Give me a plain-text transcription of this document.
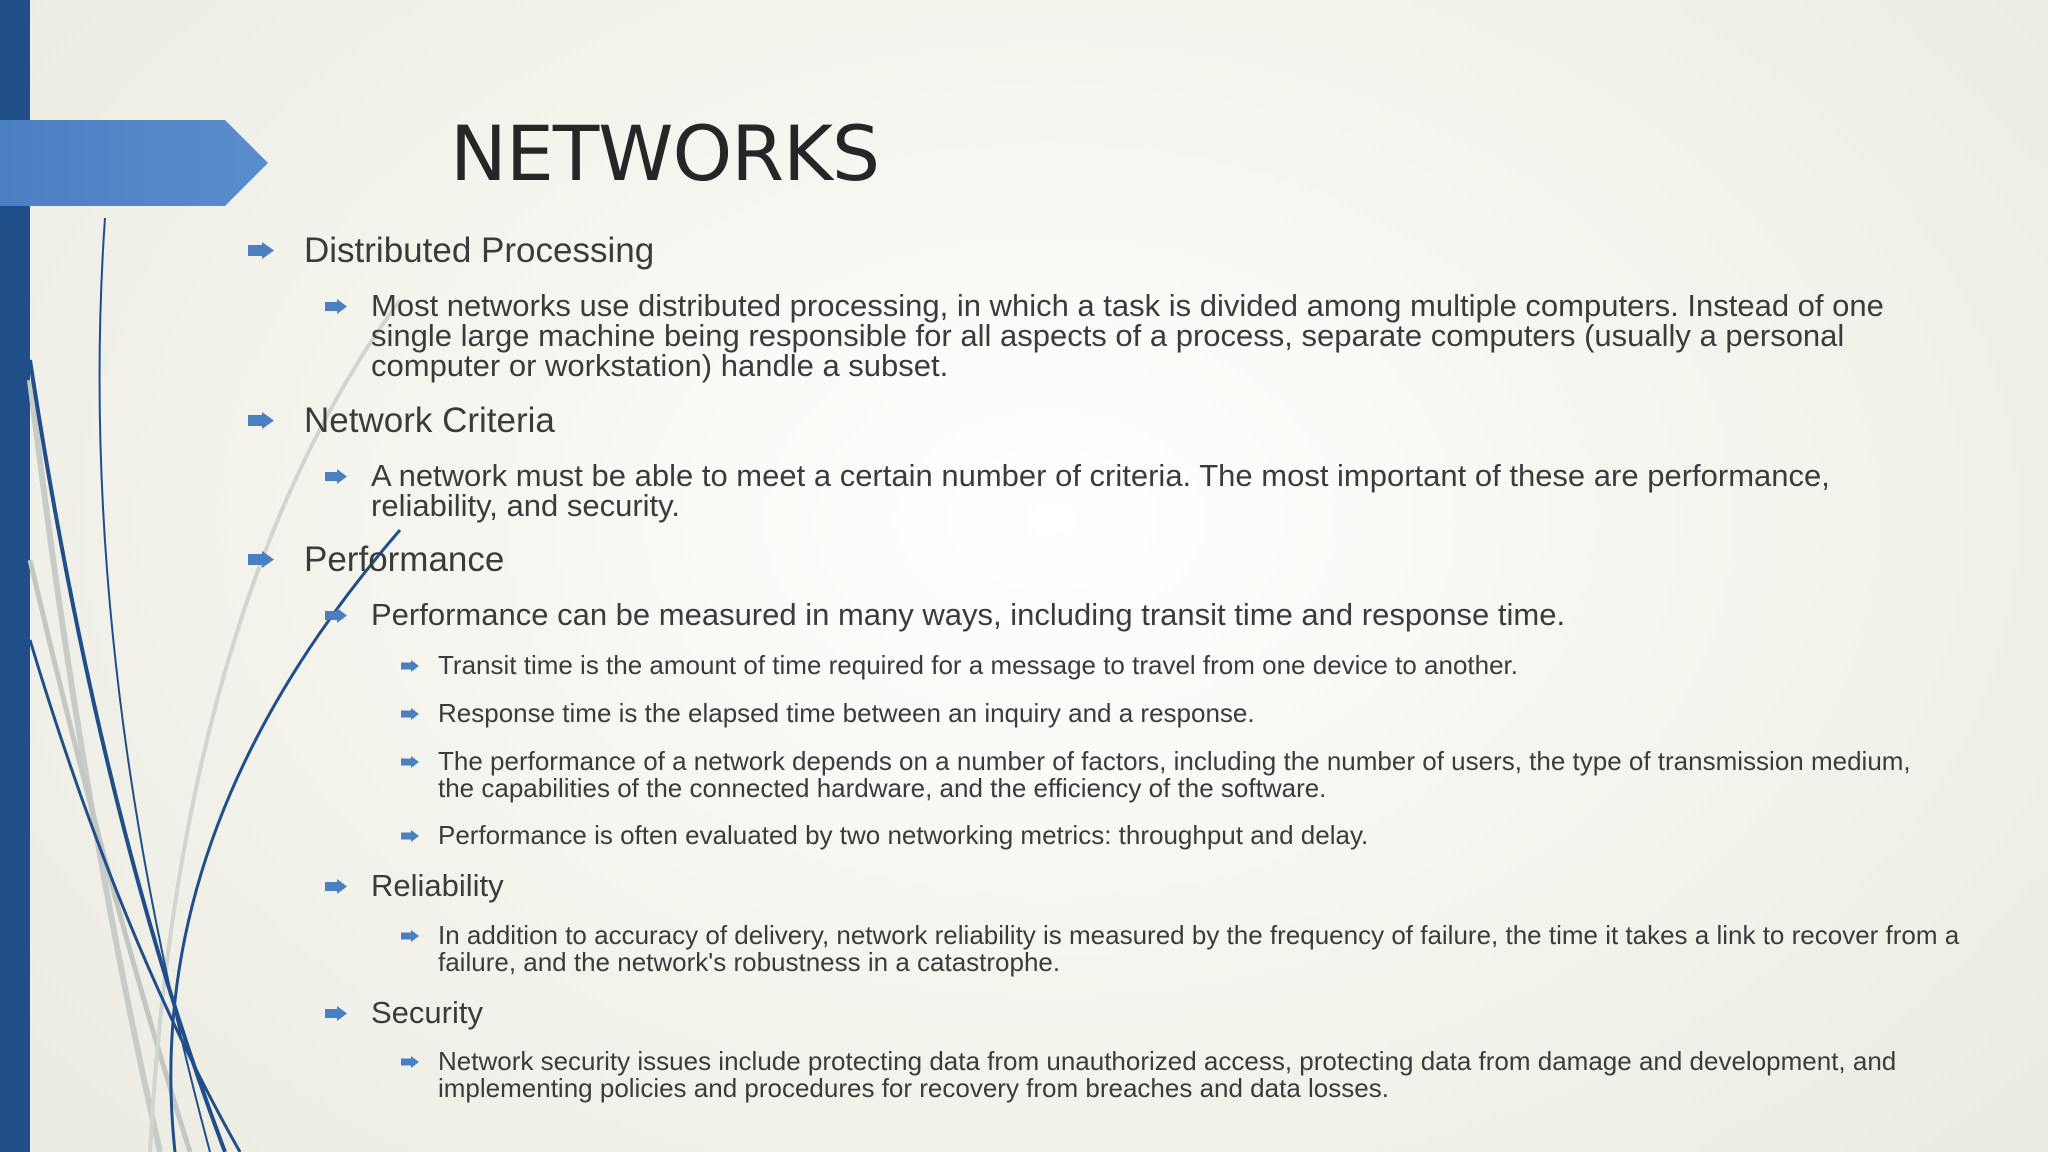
NETWORKS
Distributed Processing
Most networks use distributed processing, in which a task is divided among multiple computers. Instead of one single large machine being responsible for all aspects of a process, separate computers (usually a personal computer or workstation) handle a subset.
Network Criteria
A network must be able to meet a certain number of criteria. The most important of these are performance, reliability, and security.
Performance
Performance can be measured in many ways, including transit time and response time.
Transit time is the amount of time required for a message to travel from one device to another.
Response time is the elapsed time between an inquiry and a response.
The performance of a network depends on a number of factors, including the number of users, the type of transmission medium, the capabilities of the connected hardware, and the efficiency of the software.
Performance is often evaluated by two networking metrics: throughput and delay.
Reliability
In addition to accuracy of delivery, network reliability is measured by the frequency of failure, the time it takes a link to recover from a failure, and the network's robustness in a catastrophe.
Security
Network security issues include protecting data from unauthorized access, protecting data from damage and development, and implementing policies and procedures for recovery from breaches and data losses.
